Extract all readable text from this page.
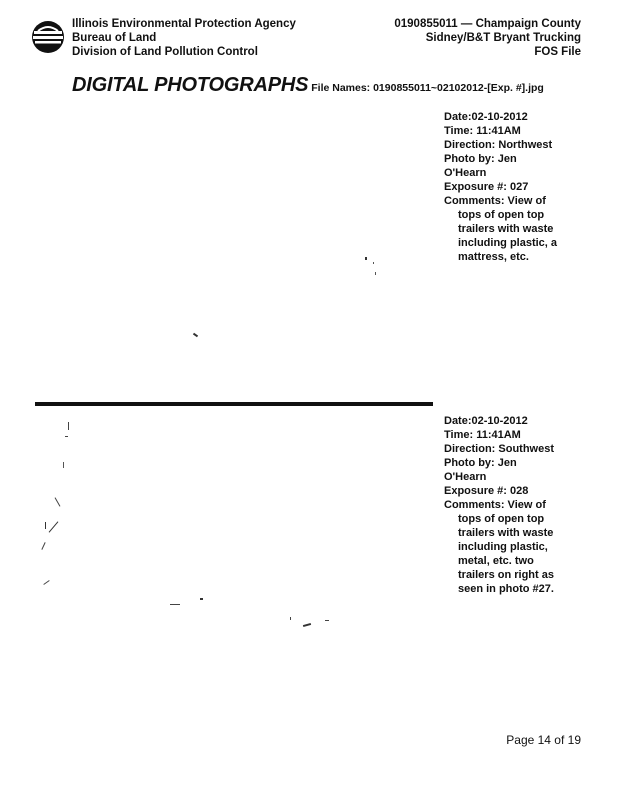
Illinois Environmental Protection Agency
Bureau of Land
Division of Land Pollution Control
0190855011 — Champaign County
Sidney/B&T Bryant Trucking
FOS File
DIGITAL PHOTOGRAPHS File Names: 0190855011~02102012-[Exp. #].jpg
Date:02-10-2012
Time: 11:41AM
Direction: Northwest
Photo by: Jen
O'Hearn
Exposure #: 027
Comments: View of
tops of open top
trailers with waste
including plastic, a
mattress, etc.
Date:02-10-2012
Time: 11:41AM
Direction: Southwest
Photo by: Jen
O'Hearn
Exposure #: 028
Comments: View of
tops of open top
trailers with waste
including plastic,
metal, etc. two
trailers on right as
seen in photo #27.
Page 14 of 19
